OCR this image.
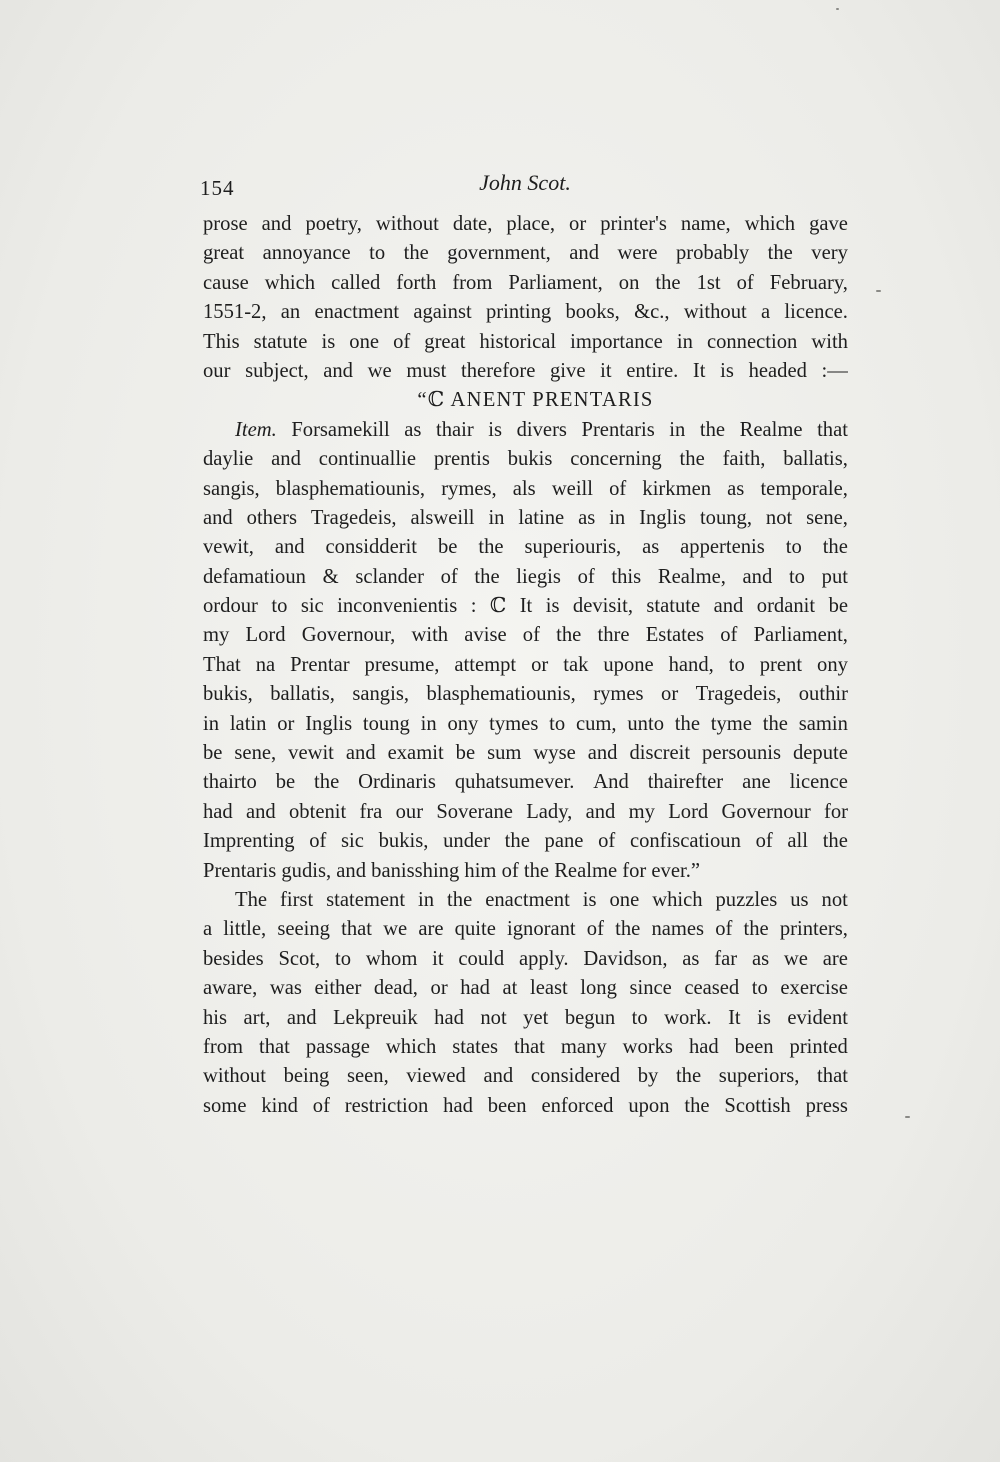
154	John Scot.
prose and poetry, without date, place, or printer's name, which gave
great annoyance to the government, and were probably the very
cause which called forth from Parliament, on the 1st of February,
1551-2, an enactment against printing books, &c., without a licence.
This statute is one of great historical importance in connection with
our subject, and we must therefore give it entire. It is headed :—
“ℂ ANENT PRENTARIS
Item. Forsamekill as thair is divers Prentaris in the Realme that
daylie and continuallie prentis bukis concerning the faith, ballatis,
sangis, blasphematiounis, rymes, als weill of kirkmen as temporale,
and others Tragedeis, alsweill in latine as in Inglis toung, not sene,
vewit, and considderit be the superiouris, as appertenis to the
defamatioun & sclander of the liegis of this Realme, and to put
ordour to sic inconvenientis : ℂ It is devisit, statute and ordanit be
my Lord Governour, with avise of the thre Estates of Parliament,
That na Prentar presume, attempt or tak upone hand, to prent ony
bukis, ballatis, sangis, blasphematiounis, rymes or Tragedeis, outhir
in latin or Inglis toung in ony tymes to cum, unto the tyme the samin
be sene, vewit and examit be sum wyse and discreit persounis depute
thairto be the Ordinaris quhatsumever. And thairefter ane licence
had and obtenit fra our Soverane Lady, and my Lord Governour for
Imprenting of sic bukis, under the pane of confiscatioun of all the
Prentaris gudis, and banisshing him of the Realme for ever.”
The first statement in the enactment is one which puzzles us not
a little, seeing that we are quite ignorant of the names of the printers,
besides Scot, to whom it could apply. Davidson, as far as we are
aware, was either dead, or had at least long since ceased to exercise
his art, and Lekpreuik had not yet begun to work. It is evident
from that passage which states that many works had been printed
without being seen, viewed and considered by the superiors, that
some kind of restriction had been enforced upon the Scottish press
